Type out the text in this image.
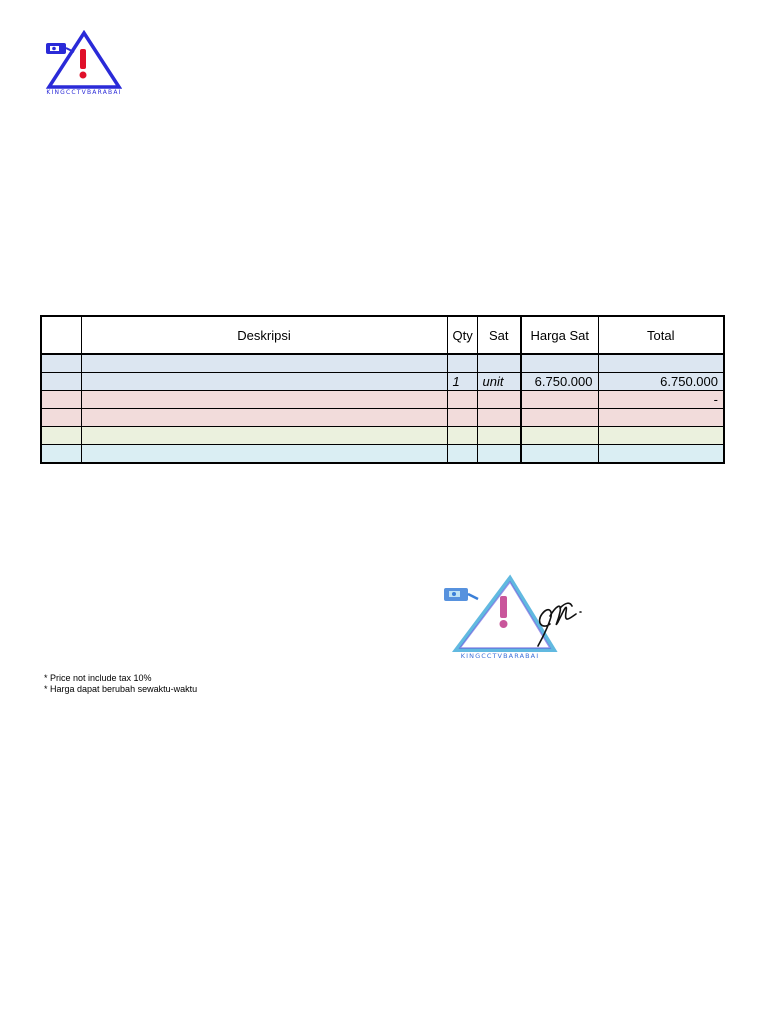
KINGCCTVBARABAI
	Deskripsi	Qty	Sat	Harga Sat	Total

		1	unit	6.750.000	6.750.000
					-

KINGCCTVBARABAI
* Price not include tax 10%
* Harga dapat berubah sewaktu-waktu
